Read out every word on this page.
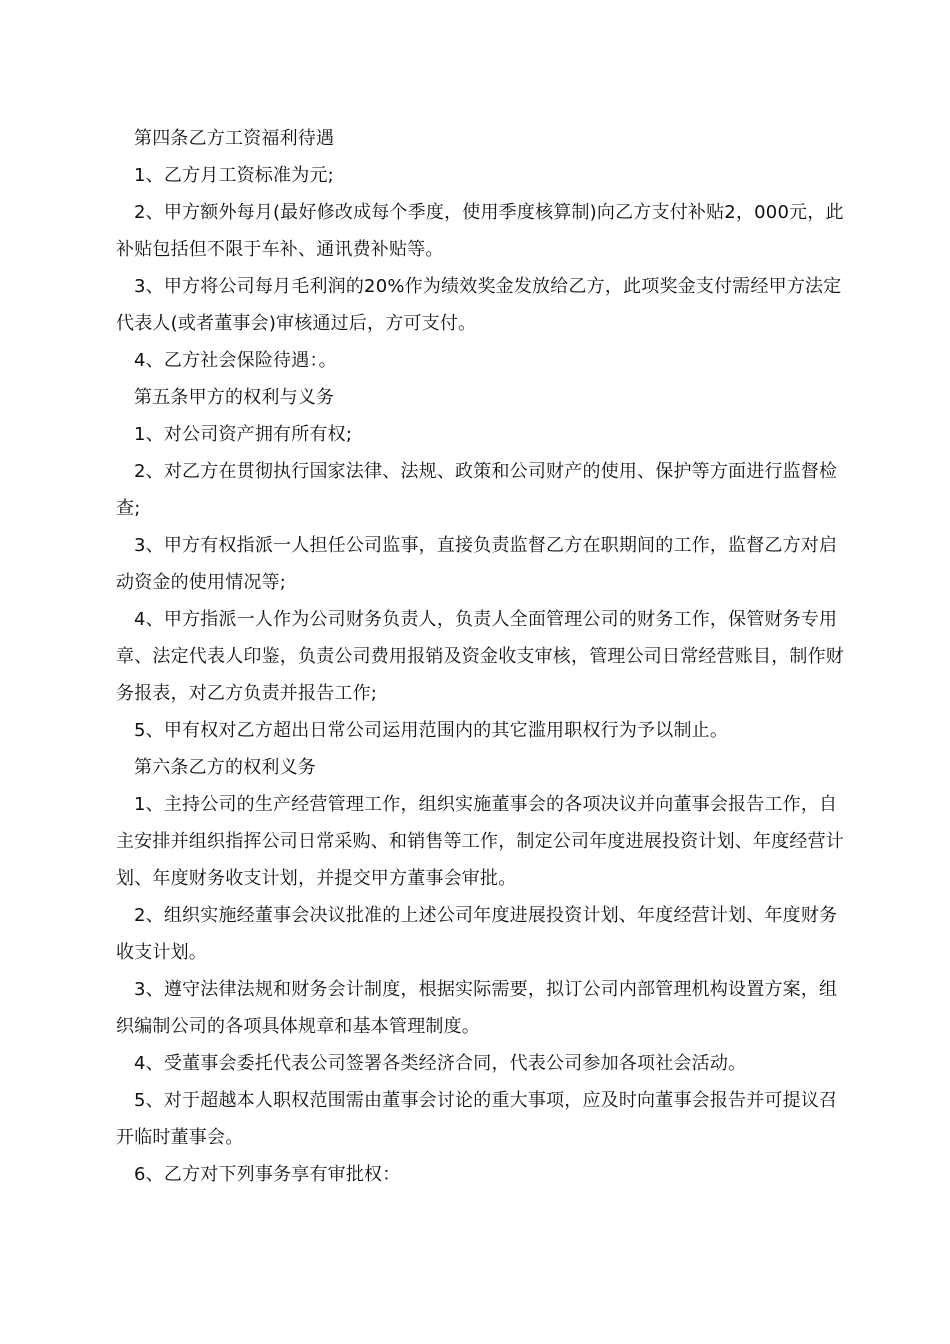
第四条乙方工资福利待遇

1、乙方月工资标准为元;

2、甲方额外每月(最好修改成每个季度，使用季度核算制)向乙方支付补贴2，000元，此补贴包括但不限于车补、通讯费补贴等。

3、甲方将公司每月毛利润的20%作为绩效奖金发放给乙方，此项奖金支付需经甲方法定代表人(或者董事会)审核通过后，方可支付。

4、乙方社会保险待遇：。

第五条甲方的权利与义务

1、对公司资产拥有所有权;

2、对乙方在贯彻执行国家法律、法规、政策和公司财产的使用、保护等方面进行监督检查;

3、甲方有权指派一人担任公司监事，直接负责监督乙方在职期间的工作，监督乙方对启动资金的使用情况等;

4、甲方指派一人作为公司财务负责人，负责人全面管理公司的财务工作，保管财务专用章、法定代表人印鉴，负责公司费用报销及资金收支审核，管理公司日常经营账目，制作财务报表，对乙方负责并报告工作;

5、甲有权对乙方超出日常公司运用范围内的其它滥用职权行为予以制止。

第六条乙方的权利义务

1、主持公司的生产经营管理工作，组织实施董事会的各项决议并向董事会报告工作，自主安排并组织指挥公司日常采购、和销售等工作，制定公司年度进展投资计划、年度经营计划、年度财务收支计划，并提交甲方董事会审批。

2、组织实施经董事会决议批准的上述公司年度进展投资计划、年度经营计划、年度财务收支计划。

3、遵守法律法规和财务会计制度，根据实际需要，拟订公司内部管理机构设置方案，组织编制公司的各项具体规章和基本管理制度。

4、受董事会委托代表公司签署各类经济合同，代表公司参加各项社会活动。

5、对于超越本人职权范围需由董事会讨论的重大事项，应及时向董事会报告并可提议召开临时董事会。

6、乙方对下列事务享有审批权：
